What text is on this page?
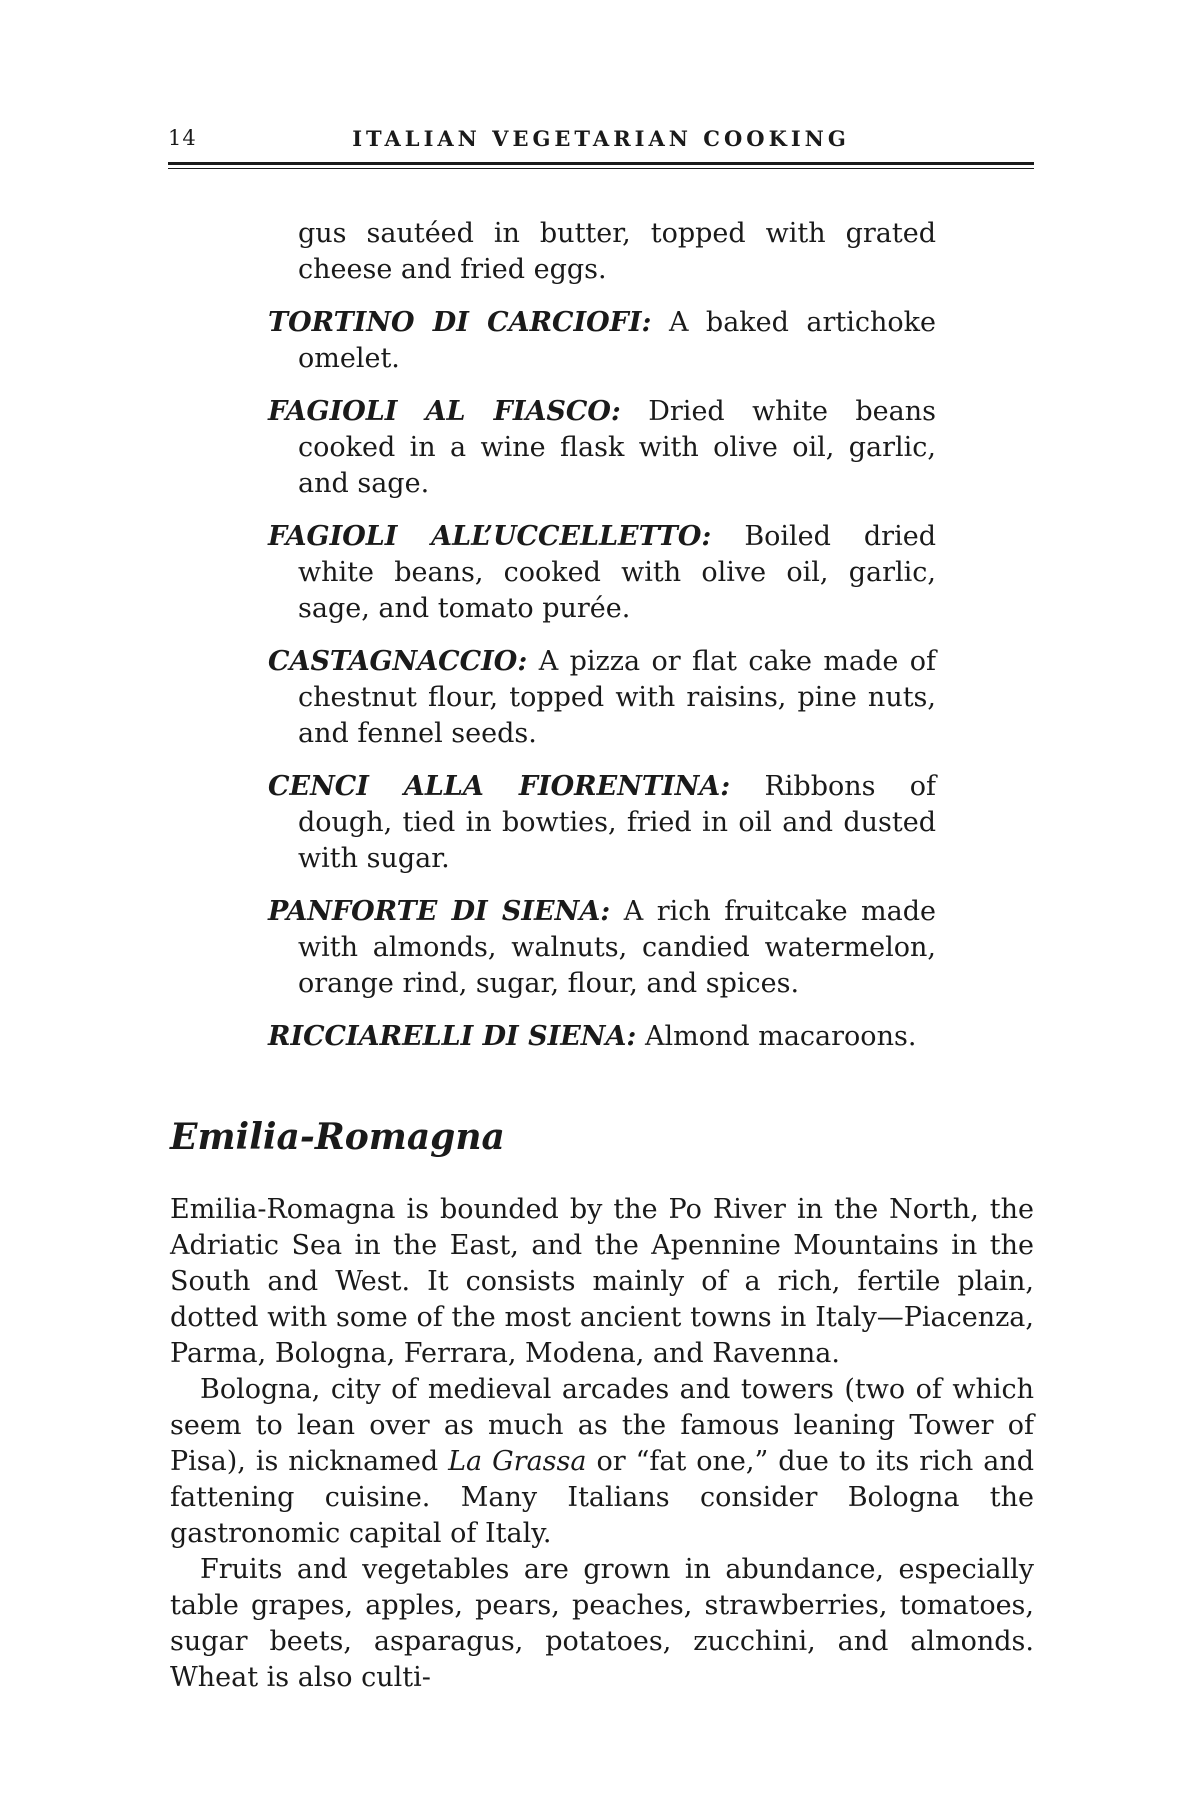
14	ITALIAN VEGETARIAN COOKING
gus sautéed in butter, topped with grated cheese and fried eggs.
TORTINO DI CARCIOFI: A baked artichoke omelet.
FAGIOLI AL FIASCO: Dried white beans cooked in a wine flask with olive oil, garlic, and sage.
FAGIOLI ALL’UCCELLETTO: Boiled dried white beans, cooked with olive oil, garlic, sage, and tomato purée.
CASTAGNACCIO: A pizza or flat cake made of chestnut flour, topped with raisins, pine nuts, and fennel seeds.
CENCI ALLA FIORENTINA: Ribbons of dough, tied in bowties, fried in oil and dusted with sugar.
PANFORTE DI SIENA: A rich fruitcake made with almonds, walnuts, candied watermelon, orange rind, sugar, flour, and spices.
RICCIARELLI DI SIENA: Almond macaroons.
Emilia-Romagna

Emilia-Romagna is bounded by the Po River in the North, the Adriatic Sea in the East, and the Apennine Mountains in the South and West. It consists mainly of a rich, fertile plain, dotted with some of the most ancient towns in Italy—Piacenza, Parma, Bologna, Ferrara, Modena, and Ravenna.

Bologna, city of medieval arcades and towers (two of which seem to lean over as much as the famous leaning Tower of Pisa), is nicknamed La Grassa or “fat one,” due to its rich and fattening cuisine. Many Italians consider Bologna the gastronomic capital of Italy.

Fruits and vegetables are grown in abundance, especially table grapes, apples, pears, peaches, strawberries, tomatoes, sugar beets, asparagus, potatoes, zucchini, and almonds. Wheat is also culti-
